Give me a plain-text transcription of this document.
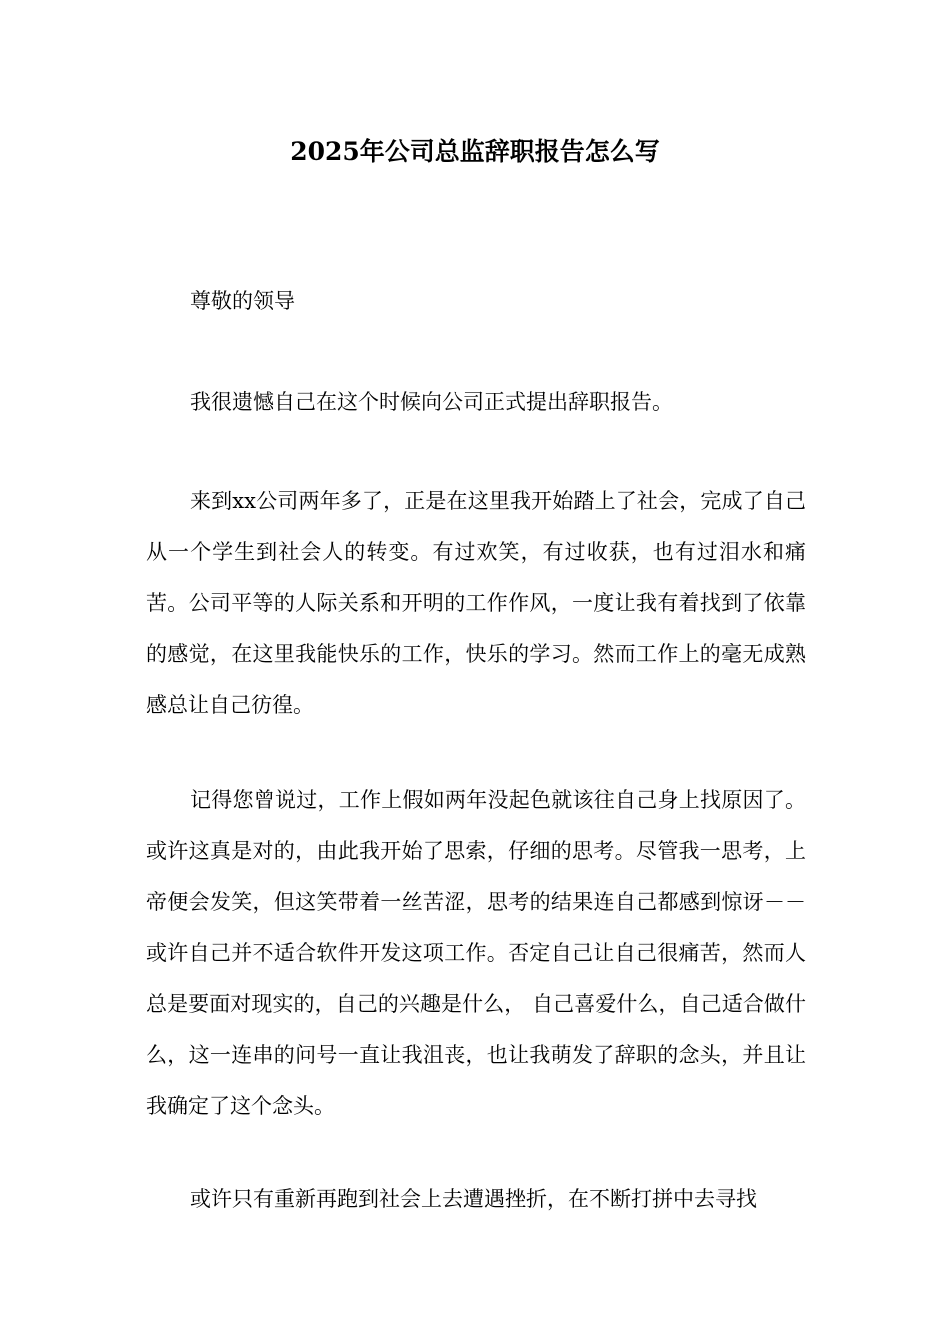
2025年公司总监辞职报告怎么写

尊敬的领导

我很遗憾自己在这个时候向公司正式提出辞职报告。

来到xx公司两年多了，正是在这里我开始踏上了社会，完成了自己从一个学生到社会人的转变。有过欢笑，有过收获，也有过泪水和痛苦。公司平等的人际关系和开明的工作作风，一度让我有着找到了依靠的感觉，在这里我能快乐的工作，快乐的学习。然而工作上的毫无成熟感总让自己彷徨。

记得您曾说过，工作上假如两年没起色就该往自己身上找原因了。或许这真是对的，由此我开始了思索，仔细的思考。尽管我一思考，上帝便会发笑，但这笑带着一丝苦涩，思考的结果连自己都感到惊讶－－或许自己并不适合软件开发这项工作。否定自己让自己很痛苦，然而人总是要面对现实的，自己的兴趣是什么， 自己喜爱什么，自己适合做什么，这一连串的问号一直让我沮丧，也让我萌发了辞职的念头，并且让我确定了这个念头。

或许只有重新再跑到社会上去遭遇挫折，在不断打拼中去寻找
